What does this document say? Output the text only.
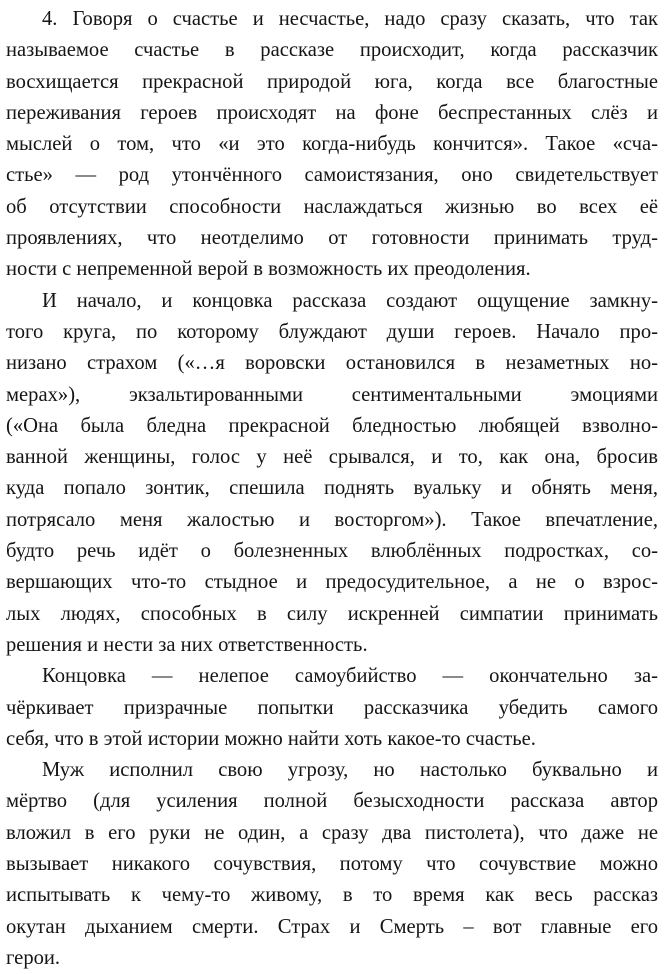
4. Говоря о счастье и несчастье, надо сразу сказать, что так
называемое счастье в рассказе происходит, когда рассказчик
восхищается прекрасной природой юга, когда все благостные
переживания героев происходят на фоне беспрестанных слёз и
мыслей о том, что «и это когда-нибудь кончится». Такое «сча-
стье» — род утончённого самоистязания, оно свидетельствует
об отсутствии способности наслаждаться жизнью во всех её
проявлениях, что неотделимо от готовности принимать труд-
ности с непременной верой в возможность их преодоления.

И начало, и концовка рассказа создают ощущение замкну-
того круга, по которому блуждают души героев. Начало про-
низано страхом («…я воровски остановился в незаметных но-
мерах»), экзальтированными сентиментальными эмоциями
(«Она была бледна прекрасной бледностью любящей взволно-
ванной женщины, голос у неё срывался, и то, как она, бросив
куда попало зонтик, спешила поднять вуальку и обнять меня,
потрясало меня жалостью и восторгом»). Такое впечатление,
будто речь идёт о болезненных влюблённых подростках, со-
вершающих что-то стыдное и предосудительное, а не о взрос-
лых людях, способных в силу искренней симпатии принимать
решения и нести за них ответственность.

Концовка — нелепое самоубийство — окончательно за-
чёркивает призрачные попытки рассказчика убедить самого
себя, что в этой истории можно найти хоть какое-то счастье.

Муж исполнил свою угрозу, но настолько буквально и
мёртво (для усиления полной безысходности рассказа автор
вложил в его руки не один, а сразу два пистолета), что даже не
вызывает никакого сочувствия, потому что сочувствие можно
испытывать к чему-то живому, в то время как весь рассказ
окутан дыханием смерти. Страх и Смерть – вот главные его
герои.
